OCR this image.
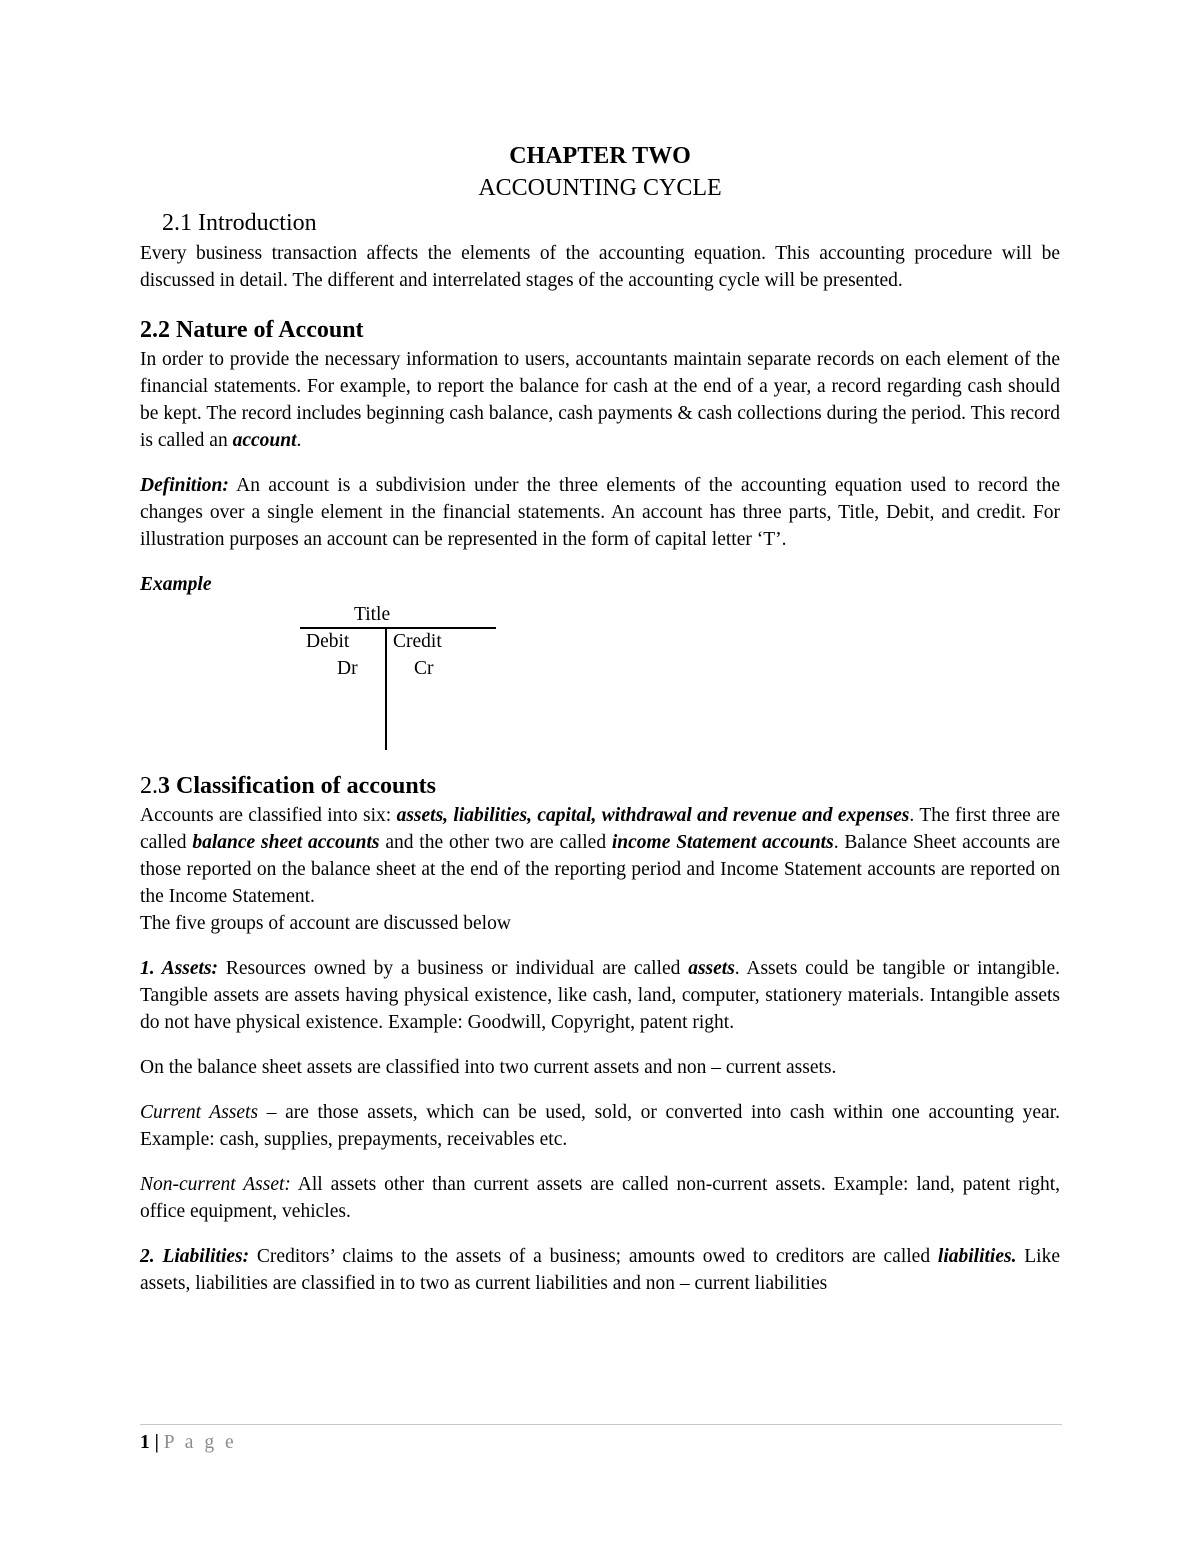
CHAPTER TWO
ACCOUNTING CYCLE
2.1 Introduction

Every business transaction affects the elements of the accounting equation. This accounting procedure will be discussed in detail. The different and interrelated stages of the accounting cycle will be presented.

2.2 Nature of Account

In order to provide the necessary information to users, accountants maintain separate records on each element of the financial statements. For example, to report the balance for cash at the end of a year, a record regarding cash should be kept. The record includes beginning cash balance, cash payments & cash collections during the period. This record is called an account.

Definition: An account is a subdivision under the three elements of the accounting equation used to record the changes over a single element in the financial statements. An account has three parts, Title, Debit, and credit. For illustration purposes an account can be represented in the form of capital letter ‘T’.

Example
Title
Debit Credit
Dr	Cr
2.3 Classification of accounts

Accounts are classified into six: assets, liabilities, capital, withdrawal and revenue and expenses. The first three are called balance sheet accounts and the other two are called income Statement accounts. Balance Sheet accounts are those reported on the balance sheet at the end of the reporting period and Income Statement accounts are reported on the Income Statement.

The five groups of account are discussed below

1. Assets: Resources owned by a business or individual are called assets. Assets could be tangible or intangible. Tangible assets are assets having physical existence, like cash, land, computer, stationery materials. Intangible assets do not have physical existence. Example: Goodwill, Copyright, patent right.

On the balance sheet assets are classified into two current assets and non – current assets.

Current Assets – are those assets, which can be used, sold, or converted into cash within one accounting year. Example: cash, supplies, prepayments, receivables etc.

Non-current Asset: All assets other than current assets are called non-current assets. Example: land, patent right, office equipment, vehicles.

2. Liabilities: Creditors’ claims to the assets of a business; amounts owed to creditors are called liabilities. Like assets, liabilities are classified in to two as current liabilities and non – current liabilities

1 | P a g e
